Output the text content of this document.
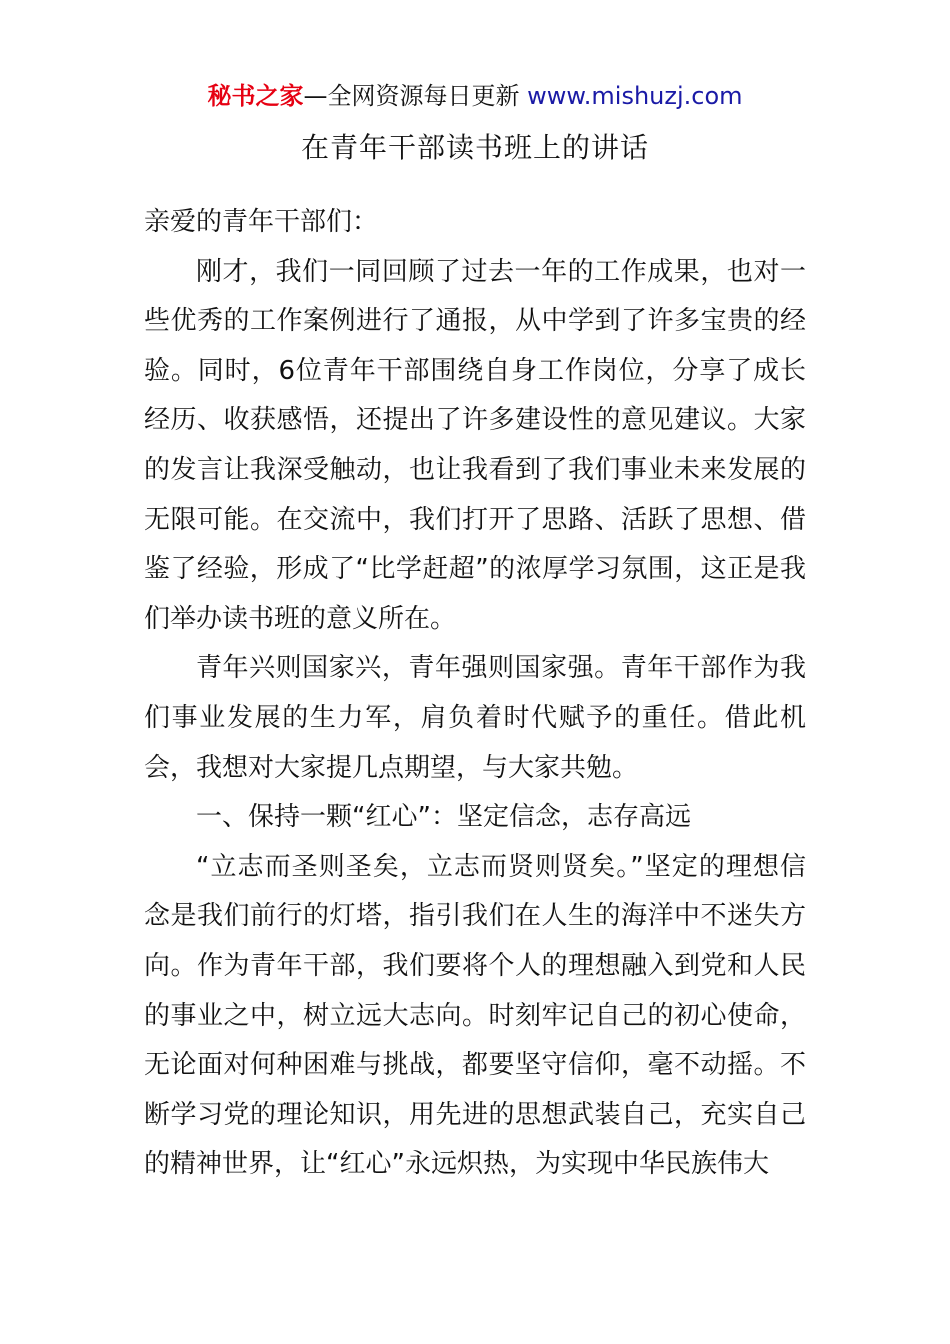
秘书之家—全网资源每日更新 www.mishuzj.com
在青年干部读书班上的讲话

亲爱的青年干部们：

刚才，我们一同回顾了过去一年的工作成果，也对一些优秀的工作案例进行了通报，从中学到了许多宝贵的经验。同时，6位青年干部围绕自身工作岗位，分享了成长经历、收获感悟，还提出了许多建设性的意见建议。大家的发言让我深受触动，也让我看到了我们事业未来发展的无限可能。在交流中，我们打开了思路、活跃了思想、借鉴了经验，形成了“比学赶超”的浓厚学习氛围，这正是我们举办读书班的意义所在。

青年兴则国家兴，青年强则国家强。青年干部作为我们事业发展的生力军，肩负着时代赋予的重任。借此机会，我想对大家提几点期望，与大家共勉。

一、保持一颗“红心”：坚定信念，志存高远

“立志而圣则圣矣，立志而贤则贤矣。”坚定的理想信念是我们前行的灯塔，指引我们在人生的海洋中不迷失方向。作为青年干部，我们要将个人的理想融入到党和人民的事业之中，树立远大志向。时刻牢记自己的初心使命，无论面对何种困难与挑战，都要坚守信仰，毫不动摇。不断学习党的理论知识，用先进的思想武装自己，充实自己的精神世界，让“红心”永远炽热，为实现中华民族伟大
